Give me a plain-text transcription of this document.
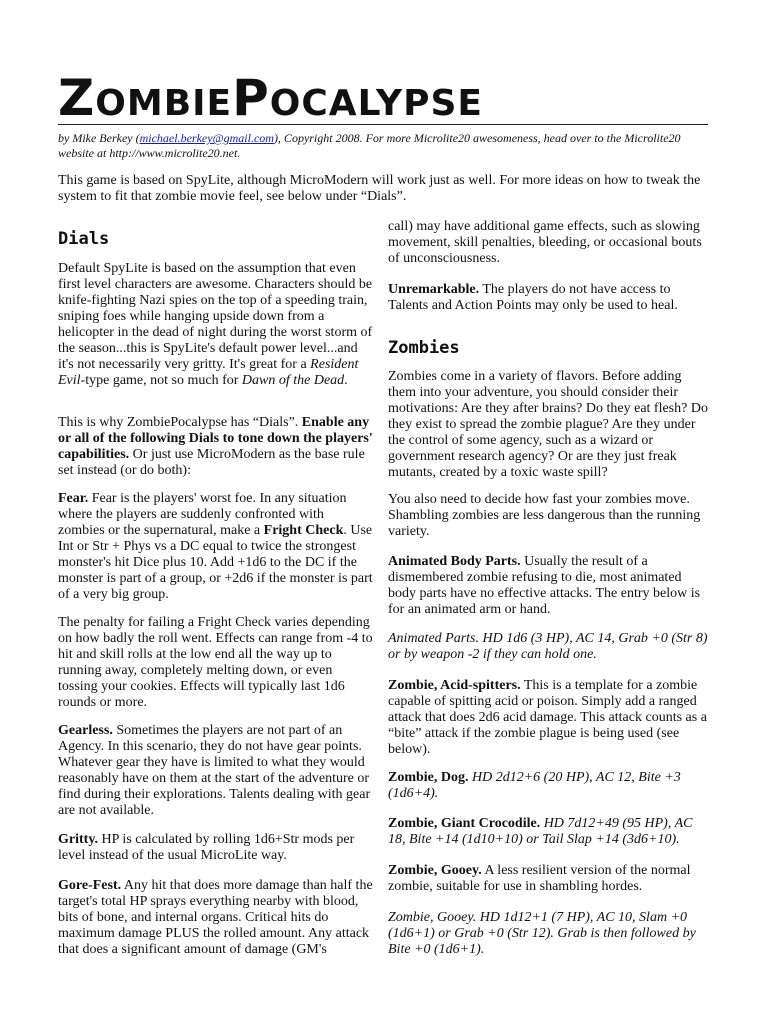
ZOMBIEPOCALYPSE
by Mike Berkey (michael.berkey@gmail.com), Copyright 2008. For more Microlite20 awesomeness, head over to the Microlite20 website at http://www.microlite20.net.
This game is based on SpyLite, although MicroModern will work just as well. For more ideas on how to tweak the system to fit that zombie movie feel, see below under “Dials”.

Dials

Default SpyLite is based on the assumption that even first level characters are awesome. Characters should be knife-fighting Nazi spies on the top of a speeding train, sniping foes while hanging upside down from a helicopter in the dead of night during the worst storm of the season...this is SpyLite's default power level...and it's not necessarily very gritty. It's great for a Resident Evil-type game, not so much for Dawn of the Dead.

This is why ZombiePocalypse has “Dials”. Enable any or all of the following Dials to tone down the players' capabilities. Or just use MicroModern as the base rule set instead (or do both):

Fear. Fear is the players' worst foe. In any situation where the players are suddenly confronted with zombies or the supernatural, make a Fright Check. Use Int or Str + Phys vs a DC equal to twice the strongest monster's hit Dice plus 10. Add +1d6 to the DC if the monster is part of a group, or +2d6 if the monster is part of a very big group.

The penalty for failing a Fright Check varies depending on how badly the roll went. Effects can range from -4 to hit and skill rolls at the low end all the way up to running away, completely melting down, or even tossing your cookies. Effects will typically last 1d6 rounds or more.

Gearless. Sometimes the players are not part of an Agency. In this scenario, they do not have gear points. Whatever gear they have is limited to what they would reasonably have on them at the start of the adventure or find during their explorations. Talents dealing with gear are not available.

Gritty. HP is calculated by rolling 1d6+Str mods per level instead of the usual MicroLite way.

Gore-Fest. Any hit that does more damage than half the target's total HP sprays everything nearby with blood, bits of bone, and internal organs. Critical hits do maximum damage PLUS the rolled amount. Any attack that does a significant amount of damage (GM's

call) may have additional game effects, such as slowing movement, skill penalties, bleeding, or occasional bouts of unconsciousness.

Unremarkable. The players do not have access to Talents and Action Points may only be used to heal.

Zombies

Zombies come in a variety of flavors. Before adding them into your adventure, you should consider their motivations: Are they after brains? Do they eat flesh? Do they exist to spread the zombie plague? Are they under the control of some agency, such as a wizard or government research agency? Or are they just freak mutants, created by a toxic waste spill?

You also need to decide how fast your zombies move. Shambling zombies are less dangerous than the running variety.

Animated Body Parts. Usually the result of a dismembered zombie refusing to die, most animated body parts have no effective attacks. The entry below is for an animated arm or hand.

Animated Parts. HD 1d6 (3 HP), AC 14, Grab +0 (Str 8) or by weapon -2 if they can hold one.

Zombie, Acid-spitters. This is a template for a zombie capable of spitting acid or poison. Simply add a ranged attack that does 2d6 acid damage. This attack counts as a “bite” attack if the zombie plague is being used (see below).

Zombie, Dog. HD 2d12+6 (20 HP), AC 12, Bite +3 (1d6+4).

Zombie, Giant Crocodile. HD 7d12+49 (95 HP), AC 18, Bite +14 (1d10+10) or Tail Slap +14 (3d6+10).

Zombie, Gooey. A less resilient version of the normal zombie, suitable for use in shambling hordes.

Zombie, Gooey. HD 1d12+1 (7 HP), AC 10, Slam +0 (1d6+1) or Grab +0 (Str 12). Grab is then followed by Bite +0 (1d6+1).
